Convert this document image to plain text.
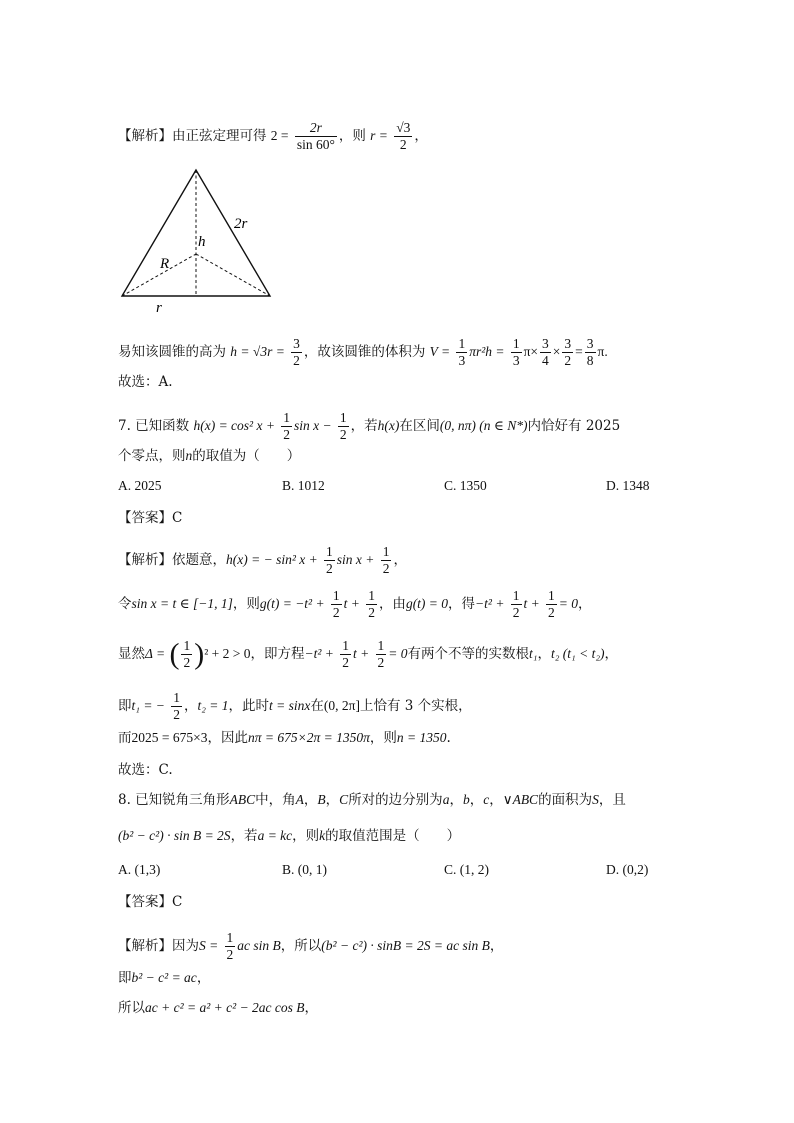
【解析】由正弦定理可得 $2 = \frac{2r}{\sin 60^\circ}$ ，则 $r = \frac{√3}{2}$ ，
2r
h
R
r
易知该圆锥的高为 $h = √3r = \frac{3}{2}$ ，故该圆锥的体积为 $V = \frac{1}{3} \pi r^2h = \frac{1}{3} \pi\times \frac{3}{4} \times \frac{3}{2} = \frac{3}{8} \pi$.
故选：A.
7. 已知函数 h(x) = cos² $x + \frac{1}{2}$ $\sin x - \frac{1}{2}$ ，若h(x)在区间(0, nπ) (n ∈ N*)内恰好有 2025
个零点，则n的取值为（　　）
A. 2025	B. 1012	C. 1350	D. 1348
【答案】C
【解析】依题意，h(x) = − sin² $x + \frac{1}{2}$ $\sin x + \frac{1}{2}$ ，
令sin x = t ∈ [−1, 1]，则$g(t) = -t^2 + \frac{1}{2}$ $t + \frac{1}{2}$ ，由g(t) = 0，得$-t^2 + \frac{1}{2}$ $t + \frac{1}{2} = 0$，
显然Δ = ( $\frac{1}{2} )^2 + 2 > 0$，即方程$-t^2 + \frac{1}{2}$ $t + \frac{1}{2} = 0$有两个不等的实数根t₁，t₂ (t₁ < t₂)，
即t₁ = − $\frac{1}{2}$ ，t₂ = 1，此时t = sinx在(0, 2π]上恰有 3 个实根，
而2025 = 675×3，因此nπ = 675×2π = 1350π，则n = 1350.
故选：C.
8. 已知锐角三角形ABC中，角A，B，C所对的边分别为a，b，c，∨ABC的面积为S，且
(b² − c²) · sin B = 2S，若a = kc，则k的取值范围是（　　）
A. (1,3)	B. (0, 1)	C. (1, 2)	D. (0,2)
【答案】C
【解析】因为$S = \frac{1}{2}$ ac sin B，所以(b² − c²) · sinB = 2S = ac sin B，
即b² − c² = ac，
所以ac + c² = a² + c² − 2ac cos B，
